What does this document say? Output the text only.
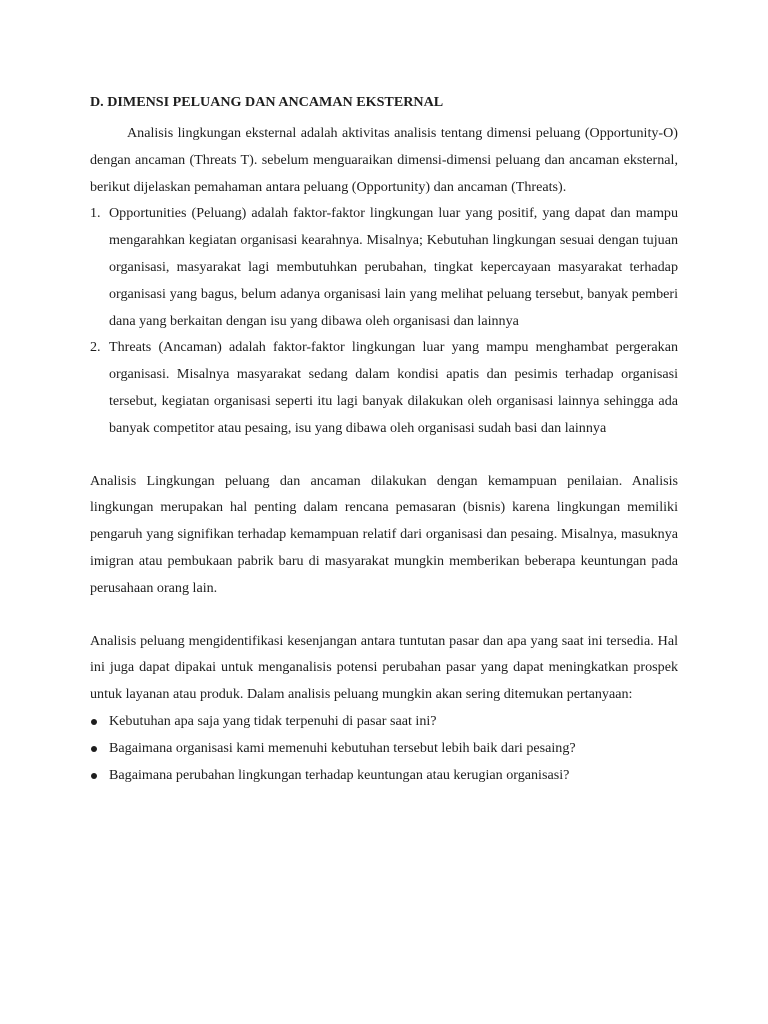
D. DIMENSI PELUANG DAN ANCAMAN EKSTERNAL

Analisis lingkungan eksternal adalah aktivitas analisis tentang dimensi peluang (Opportunity-O) dengan ancaman (Threats T). sebelum menguaraikan dimensi-dimensi peluang dan ancaman eksternal, berikut dijelaskan pemahaman antara peluang (Opportunity) dan ancaman (Threats).

1. Opportunities (Peluang) adalah faktor-faktor lingkungan luar yang positif, yang dapat dan mampu mengarahkan kegiatan organisasi kearahnya. Misalnya; Kebutuhan lingkungan sesuai dengan tujuan organisasi, masyarakat lagi membutuhkan perubahan, tingkat kepercayaan masyarakat terhadap organisasi yang bagus, belum adanya organisasi lain yang melihat peluang tersebut, banyak pemberi dana yang berkaitan dengan isu yang dibawa oleh organisasi dan lainnya
2. Threats (Ancaman) adalah faktor-faktor lingkungan luar yang mampu menghambat pergerakan organisasi. Misalnya masyarakat sedang dalam kondisi apatis dan pesimis terhadap organisasi tersebut, kegiatan organisasi seperti itu lagi banyak dilakukan oleh organisasi lainnya sehingga ada banyak competitor atau pesaing, isu yang dibawa oleh organisasi sudah basi dan lainnya

Analisis Lingkungan peluang dan ancaman dilakukan dengan kemampuan penilaian. Analisis lingkungan merupakan hal penting dalam rencana pemasaran (bisnis) karena lingkungan memiliki pengaruh yang signifikan terhadap kemampuan relatif dari organisasi dan pesaing. Misalnya, masuknya imigran atau pembukaan pabrik baru di masyarakat mungkin memberikan beberapa keuntungan pada perusahaan orang lain.

Analisis peluang mengidentifikasi kesenjangan antara tuntutan pasar dan apa yang saat ini tersedia. Hal ini juga dapat dipakai untuk menganalisis potensi perubahan pasar yang dapat meningkatkan prospek untuk layanan atau produk. Dalam analisis peluang mungkin akan sering ditemukan pertanyaan:

Kebutuhan apa saja yang tidak terpenuhi di pasar saat ini?
Bagaimana organisasi kami memenuhi kebutuhan tersebut lebih baik dari pesaing?
Bagaimana perubahan lingkungan terhadap keuntungan atau kerugian organisasi?
